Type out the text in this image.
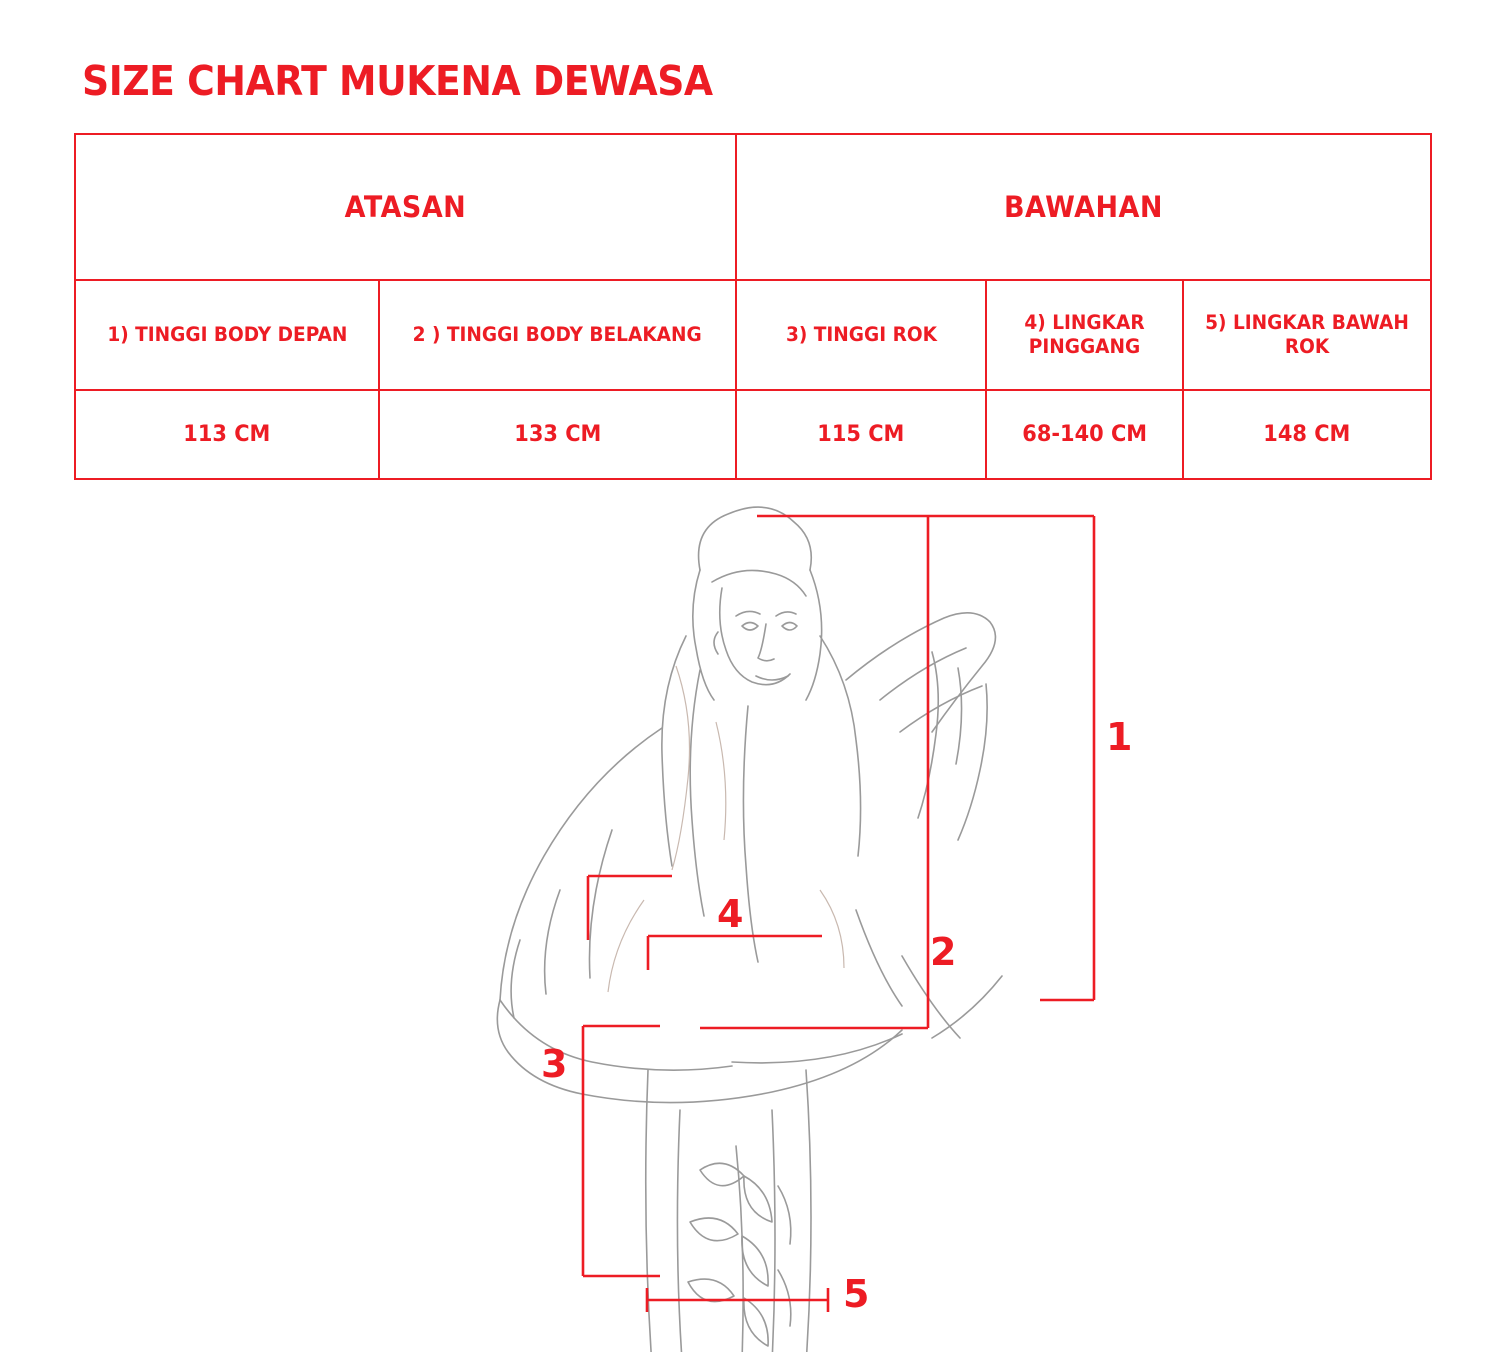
SIZE CHART MUKENA DEWASA
ATASAN		BAWAHAN		
1) TINGGI BODY DEPAN	2 ) TINGGI BODY BELAKANG	3) TINGGI ROK	4) LINGKAR PINGGANG	5) LINGKAR BAWAH ROK
113 CM	133 CM	115 CM	68-140 CM	148 CM
1
2
3
4
5
